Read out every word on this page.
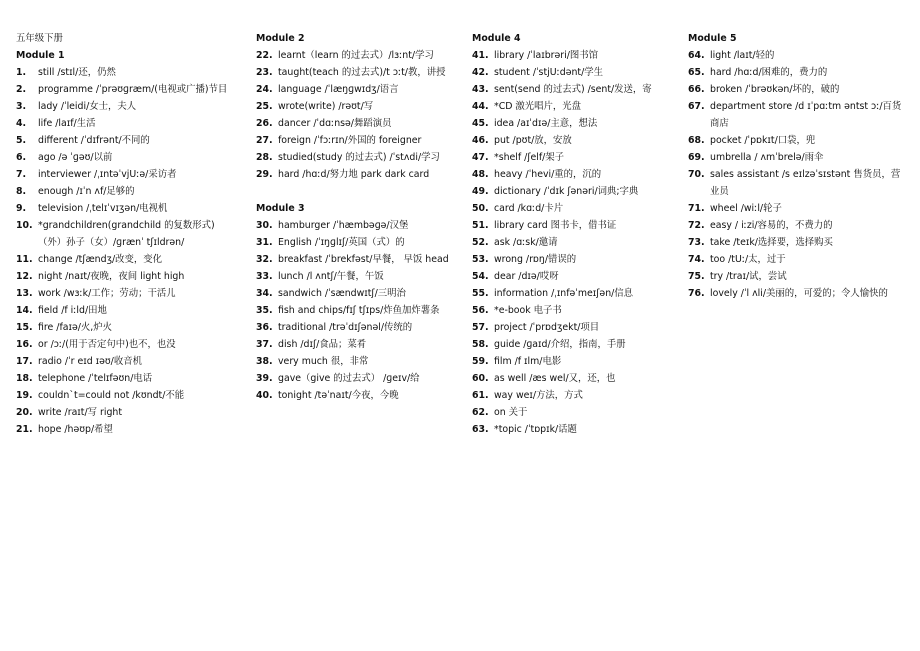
五年级下册
Module 1
1.	still /stɪl/还，仍然
2.	programme /ˈprəʊɡræm/(电视或广播)节目
3.	lady /ˈleidi/女士，夫人
4.	life /laɪf/生活
5.	different /ˈdɪfrənt/不同的
6.	ago /ə ˈɡəʊ/以前
7.	interviewer /ˌɪntəˈvjUːə/采访者
8.	enough /ɪˈn ʌf/足够的
9.	television /ˌtelɪˈvɪʒən/电视机
10. *grandchildren(grandchild 的复数形式)（外）孙子（女）/ɡrænˈ tʃɪldrən/
11. change /tʃændʒ/改变，变化
12. night /naɪt/夜晚，夜间 light high
13. work /wɜːk/工作；劳动；干活儿
14. field /f iːld/田地
15. fire /faɪə/火,炉火
16. or /ɔː/(用于否定句中)也不，也没
17. radio /ˈr eɪd ɪəʊ/收音机
18. telephone /ˈtelɪfəʊn/电话
19. couldn`t=could not /kʊndt/不能
20. write /raɪt/写 right
21. hope /həʊp/希望
Module 2
22. learnt（learn 的过去式）/lɜːnt/学习
23. taught(teach 的过去式)/t ɔːt/教，讲授
24. language /ˈlæŋɡwɪdʒ/语言
25. wrote(write) /rəʊt/写
26. dancer /ˈdɑːnsə/舞蹈演员
27. foreign /ˈfɔːrɪn/外国的 foreigner
28. studied(study 的过去式) /ˈstʌdi/学习
29. hard /hɑːd/努力地 park dark card
Module 3
30. hamburger /ˈhæmbəɡə/汉堡
31. English /ˈɪŋɡlɪʃ/英国（式）的
32. breakfast /ˈbrekfəst/早餐， 早饭 head
33. lunch /l ʌntʃ/午餐，午饭
34. sandwich /ˈsændwɪtʃ/三明治
35. fish and chips/fɪʃ tʃɪps/炸鱼加炸薯条
36. traditional /trəˈdɪʃənəl/传统的
37. dish /dɪʃ/食品；菜肴
38. very much 很，非常
39. gave（give 的过去式） /ɡeɪv/给
40. tonight /təˈnaɪt/今夜，今晚
Module 4
41. library /ˈlaɪbrəri/图书馆
42. student /ˈstjUːdənt/学生
43. sent(send 的过去式) /sent/发送，寄
44. *CD 激光唱片，光盘
45. idea /aɪˈdɪə/主意，想法
46. put /pʊt/放，安放
47. *shelf /ʃelf/架子
48. heavy /ˈhevi/重的，沉的
49. dictionary /ˈdɪk ʃənəri/词典;字典
50. card /kɑːd/卡片
51. library card 图书卡，借书证
52. ask /ɑːsk/邀请
53. wrong /rɒŋ/错误的
54. dear /dɪə/哎呀
55. information /ˌɪnfəˈmeɪʃən/信息
56. *e-book 电子书
57. project /ˈprɒdʒekt/项目
58. guide /ɡaɪd/介绍，指南，手册
59. film /f ɪlm/电影
60. as well /æs wel/又，还，也
61. way weɪ/方法，方式
62. on 关于
63. *topic /ˈtɒpɪk/话题
Module 5
64. light /laɪt/轻的
65. hard /hɑːd/困难的，费力的
66. broken /ˈbrəʊkən/坏的，破的
67. department store /d ɪˈpɑːtm əntst ɔː/百货商店
68. pocket /ˈpɒkɪt/口袋，兜
69. umbrella / ʌmˈbrelə/雨伞
70. sales assistant /s eɪlzəˈsɪstənt 售货员，营业员
71. wheel /wiːl/轮子
72. easy / iːzi/容易的，不费力的
73. take /teɪk/选择要，选择购买
74. too /tUː/太，过于
75. try /traɪ/试，尝试
76. lovely /ˈl ʌli/美丽的，可爱的；令人愉快的
